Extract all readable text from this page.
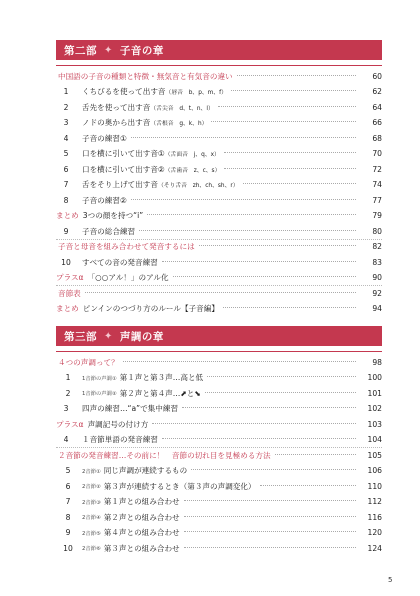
第二部 ✦ 子音の章
中国語の子音の種類と特徴・無気音と有気音の違い	60
1	くちびるを使って出す音 （唇音　b、p、m、f）	62
2	舌先を使って出す音 （舌尖音　d、t、n、l）	64
3	ノドの奥から出す音 （舌根音　g、k、h）	66
4	子音の練習①	68
5	口を横に引いて出す音① （舌面音　j、q、x）	70
6	口を横に引いて出す音② （舌歯音　z、c、s）	72
7	舌をそり上げて出す音 （そり舌音　zh、ch、sh、r）	74
8	子音の練習②	77
まとめ 3つの顔を持つ“i”	79
9	子音の総合練習	80
子音と母音を組み合わせて発音するには	82
10	すべての音の発音練習	83
プラスα 「○○アル！」のアル化	90
音節表	92
まとめ ピンインのつづり方のルール【子音編】	94
第三部 ✦ 声調の章
４つの声調って？	98
1	1音節の声調① 第１声と第３声…高と低	100
2	1音節の声調② 第２声と第４声…⬈と⬊	101
3	四声の練習…“a”で集中練習	102
プラスα 声調記号の付け方	103
4	１音節単語の発音練習	104
２音節の発音練習…その前に！　音節の切れ目を見極める方法	105
5	2音節① 同じ声調が連続するもの	106
6	2音節② 第３声が連続するとき（第３声の声調変化）	110
7	2音節③ 第１声との組み合わせ	112
8	2音節④ 第２声との組み合わせ	116
9	2音節⑤ 第４声との組み合わせ	120
10	2音節⑥ 第３声との組み合わせ	124
5
